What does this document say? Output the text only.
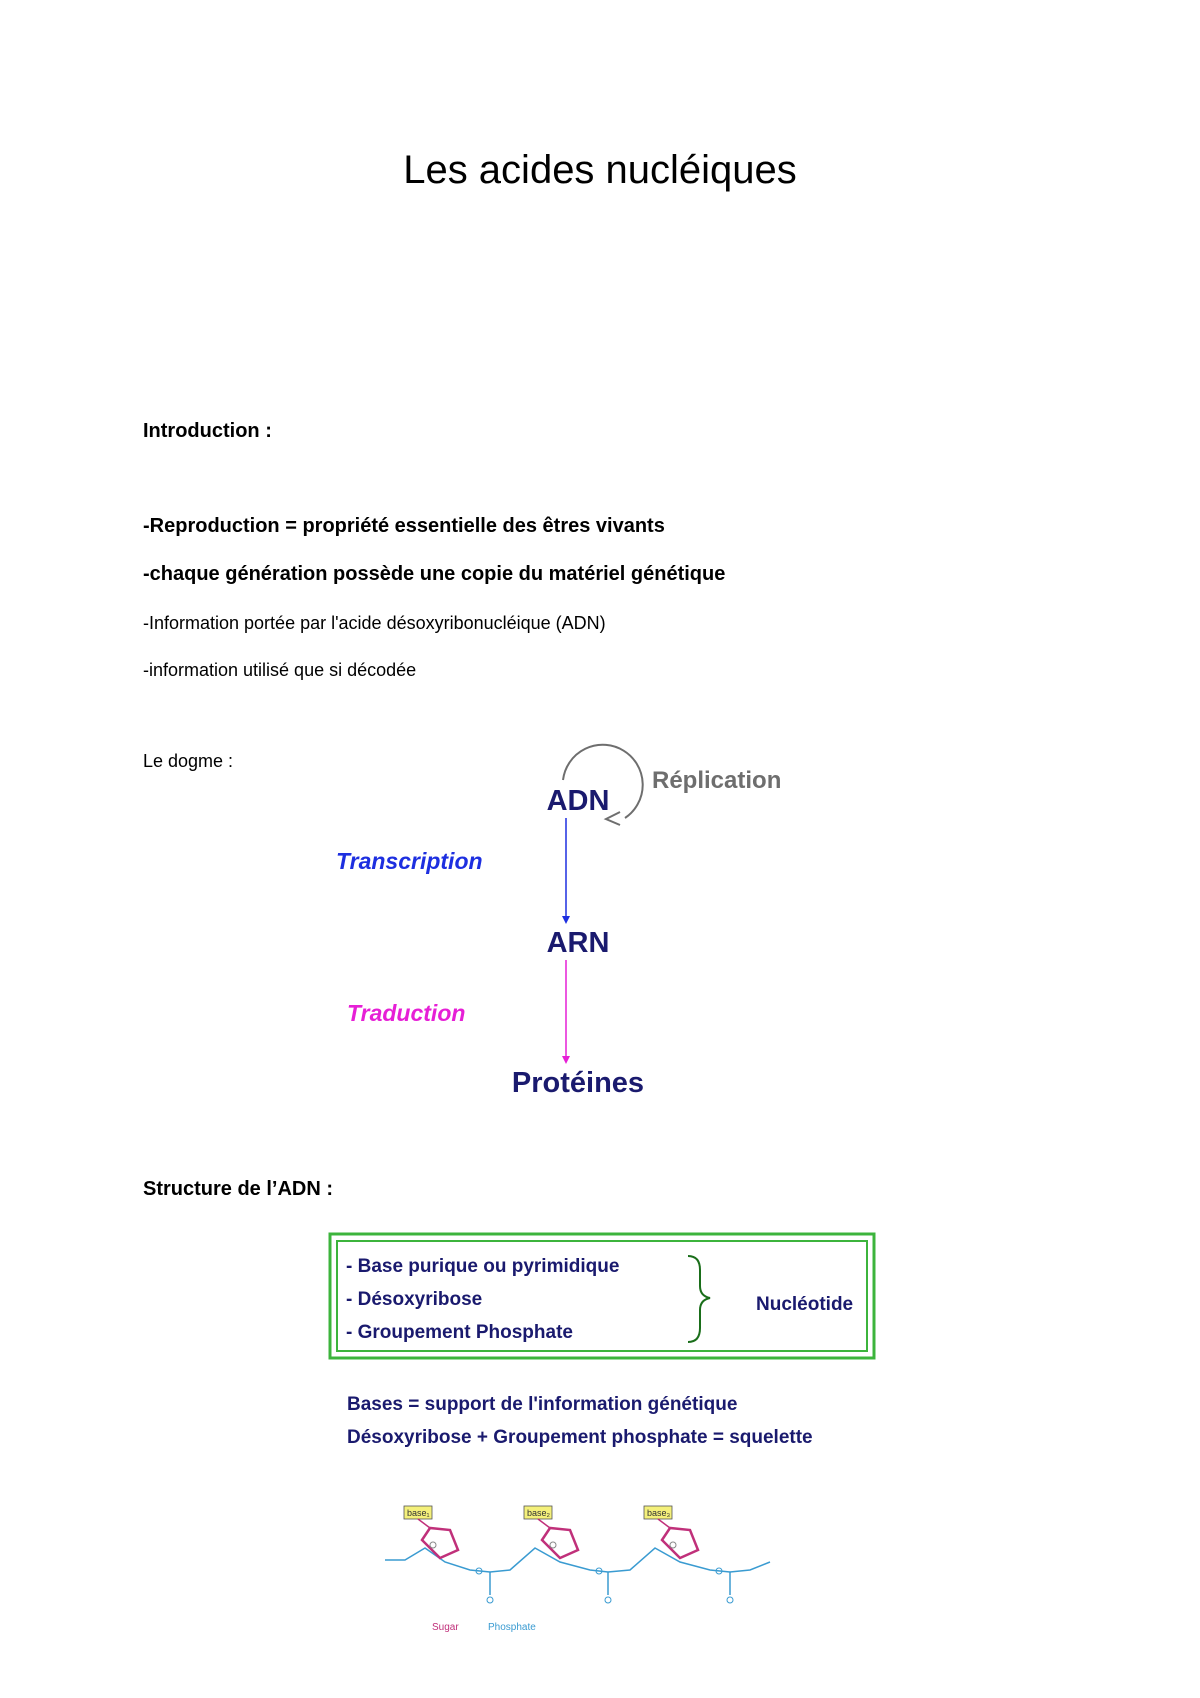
Les acides nucléiques
Introduction :
-Reproduction = propriété essentielle des êtres vivants
-chaque génération possède une copie du matériel génétique
-Information portée par l'acide désoxyribonucléique (ADN)
-information utilisé que si décodée
Le dogme :
Réplication
ADN
Transcription
ARN
Traduction
Protéines
Structure de l’ADN :
- Base purique ou pyrimidique
- Désoxyribose
- Groupement Phosphate
Nucléotide
Bases = support de l'information génétique
Désoxyribose + Groupement phosphate = squelette
base₁	base₂	base₃
Sugar	Phosphate
